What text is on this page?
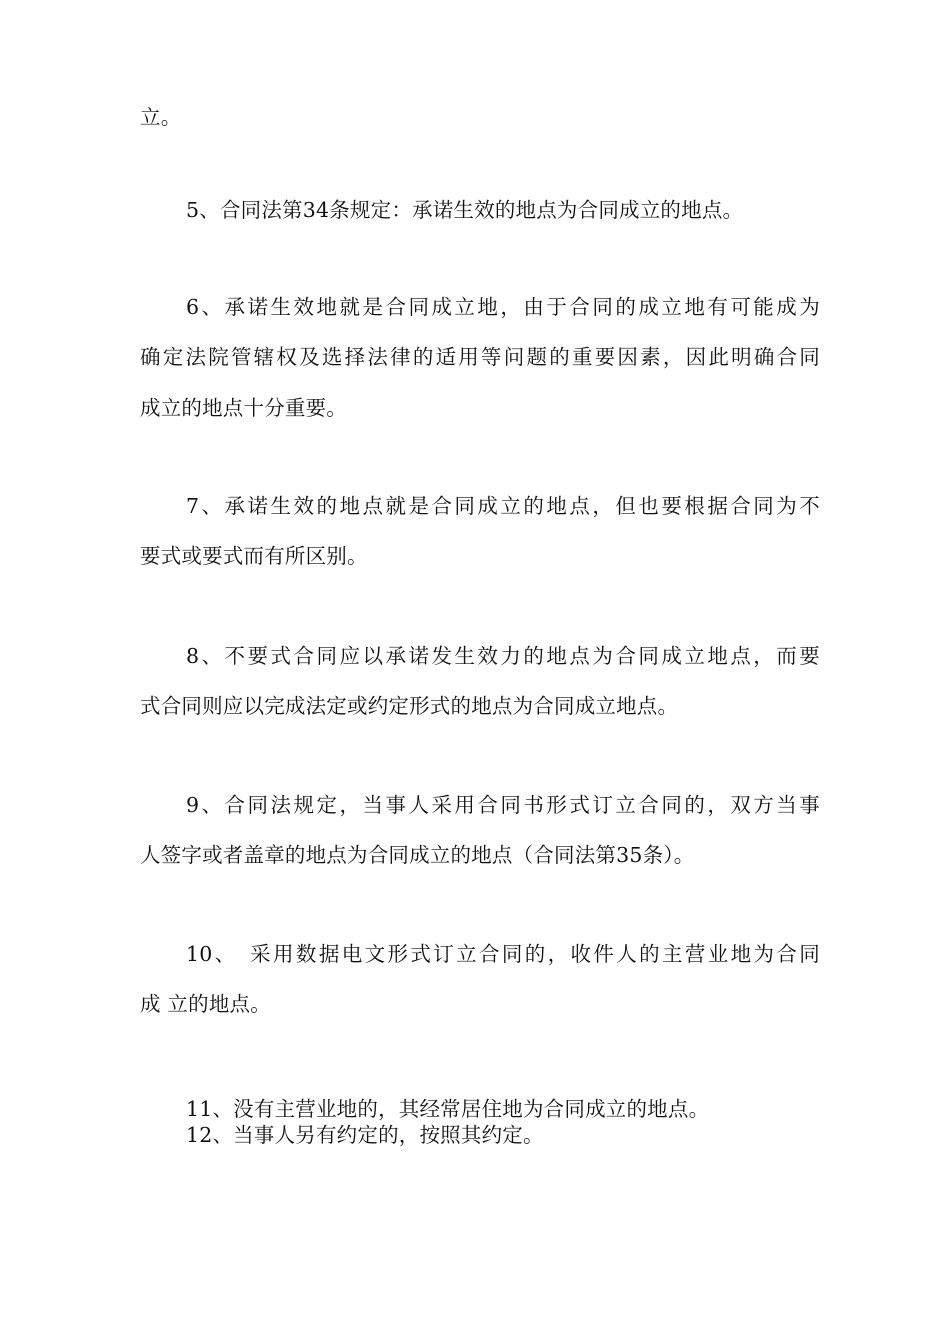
立。
5、合同法第34条规定：承诺生效的地点为合同成立的地点。
6、承诺生效地就是合同成立地，由于合同的成立地有可能成为
确定法院管辖权及选择法律的适用等问题的重要因素，因此明确合同
成立的地点十分重要。
7、承诺生效的地点就是合同成立的地点，但也要根据合同为不
要式或要式而有所区别。
8、不要式合同应以承诺发生效力的地点为合同成立地点，而要
式合同则应以完成法定或约定形式的地点为合同成立地点。
9、合同法规定，当事人采用合同书形式订立合同的，双方当事
人签字或者盖章的地点为合同成立的地点（合同法第35条）。
10、　采用数据电文形式订立合同的，收件人的主营业地为合同
成 立的地点。
11、没有主营业地的，其经常居住地为合同成立的地点。
12、当事人另有约定的，按照其约定。
